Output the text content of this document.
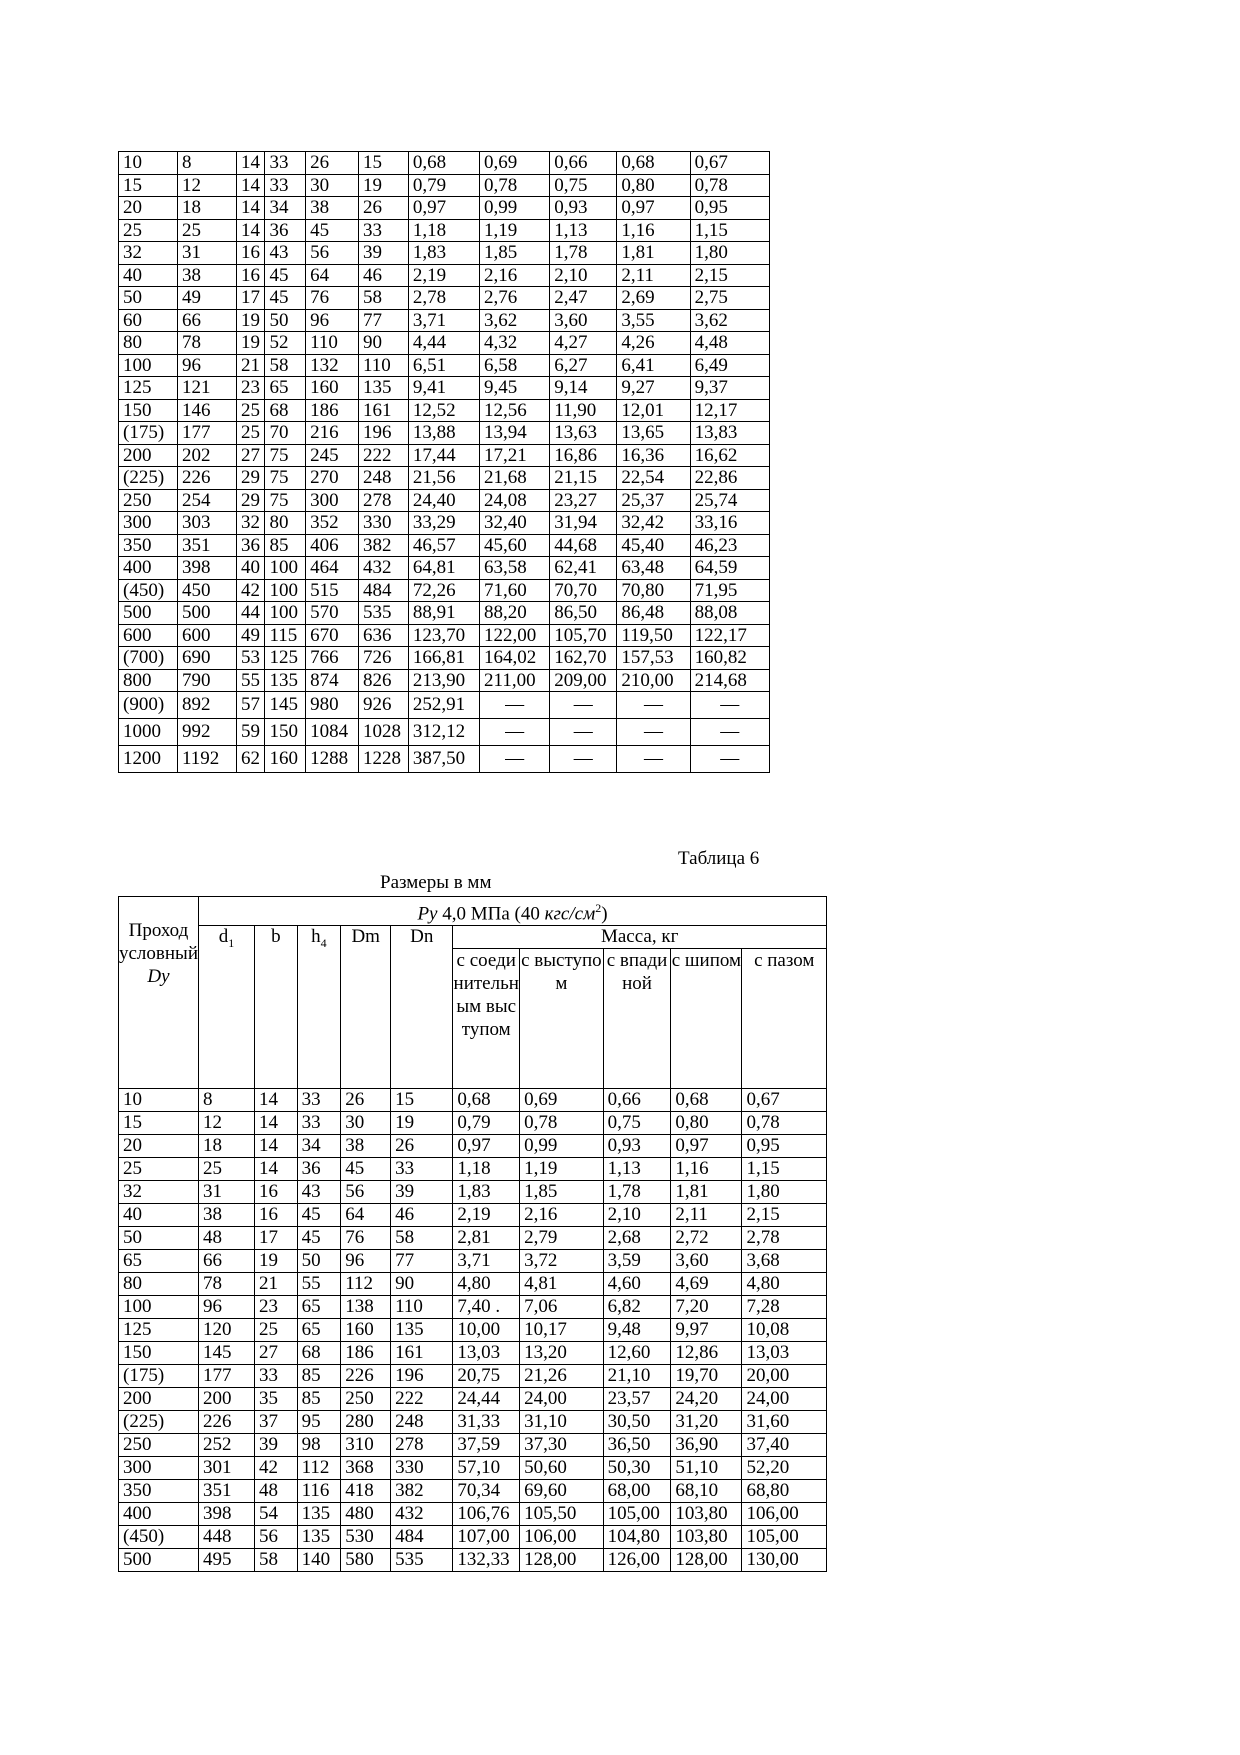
10	8	14	33	26	15	0,68	0,69	0,66	0,68	0,67
15	12	14	33	30	19	0,79	0,78	0,75	0,80	0,78
20	18	14	34	38	26	0,97	0,99	0,93	0,97	0,95
25	25	14	36	45	33	1,18	1,19	1,13	1,16	1,15
32	31	16	43	56	39	1,83	1,85	1,78	1,81	1,80
40	38	16	45	64	46	2,19	2,16	2,10	2,11	2,15
50	49	17	45	76	58	2,78	2,76	2,47	2,69	2,75
60	66	19	50	96	77	3,71	3,62	3,60	3,55	3,62
80	78	19	52	110	90	4,44	4,32	4,27	4,26	4,48
100	96	21	58	132	110	6,51	6,58	6,27	6,41	6,49
125	121	23	65	160	135	9,41	9,45	9,14	9,27	9,37
150	146	25	68	186	161	12,52	12,56	11,90	12,01	12,17
(175)	177	25	70	216	196	13,88	13,94	13,63	13,65	13,83
200	202	27	75	245	222	17,44	17,21	16,86	16,36	16,62
(225)	226	29	75	270	248	21,56	21,68	21,15	22,54	22,86
250	254	29	75	300	278	24,40	24,08	23,27	25,37	25,74
300	303	32	80	352	330	33,29	32,40	31,94	32,42	33,16
350	351	36	85	406	382	46,57	45,60	44,68	45,40	46,23
400	398	40	100	464	432	64,81	63,58	62,41	63,48	64,59
(450)	450	42	100	515	484	72,26	71,60	70,70	70,80	71,95
500	500	44	100	570	535	88,91	88,20	86,50	86,48	88,08
600	600	49	115	670	636	123,70	122,00	105,70	119,50	122,17
(700)	690	53	125	766	726	166,81	164,02	162,70	157,53	160,82
800	790	55	135	874	826	213,90	211,00	209,00	210,00	214,68
(900)	892	57	145	980	926	252,91	—	—	—	—
1000	992	59	150	1084	1028	312,12	—	—	—	—
1200	1192	62	160	1288	1228	387,50	—	—	—	—
Таблица 6
Размеры в мм
Проход условный
Dy	Ру 4,0 МПа (40 кгс/$см^2$)									
	$d_1$	b	$h_4$	Dm	Dn	Масса, кг				
						с соединительным выступом	с выступом	с впадиной	с шипом	с пазом
10	8	14	33	26	15	0,68	0,69	0,66	0,68	0,67
15	12	14	33	30	19	0,79	0,78	0,75	0,80	0,78
20	18	14	34	38	26	0,97	0,99	0,93	0,97	0,95
25	25	14	36	45	33	1,18	1,19	1,13	1,16	1,15
32	31	16	43	56	39	1,83	1,85	1,78	1,81	1,80
40	38	16	45	64	46	2,19	2,16	2,10	2,11	2,15
50	48	17	45	76	58	2,81	2,79	2,68	2,72	2,78
65	66	19	50	96	77	3,71	3,72	3,59	3,60	3,68
80	78	21	55	112	90	4,80	4,81	4,60	4,69	4,80
100	96	23	65	138	110	7,40 .	7,06	6,82	7,20	7,28
125	120	25	65	160	135	10,00	10,17	9,48	9,97	10,08
150	145	27	68	186	161	13,03	13,20	12,60	12,86	13,03
(175)	177	33	85	226	196	20,75	21,26	21,10	19,70	20,00
200	200	35	85	250	222	24,44	24,00	23,57	24,20	24,00
(225)	226	37	95	280	248	31,33	31,10	30,50	31,20	31,60
250	252	39	98	310	278	37,59	37,30	36,50	36,90	37,40
300	301	42	112	368	330	57,10	50,60	50,30	51,10	52,20
350	351	48	116	418	382	70,34	69,60	68,00	68,10	68,80
400	398	54	135	480	432	106,76	105,50	105,00	103,80	106,00
(450)	448	56	135	530	484	107,00	106,00	104,80	103,80	105,00
500	495	58	140	580	535	132,33	128,00	126,00	128,00	130,00
